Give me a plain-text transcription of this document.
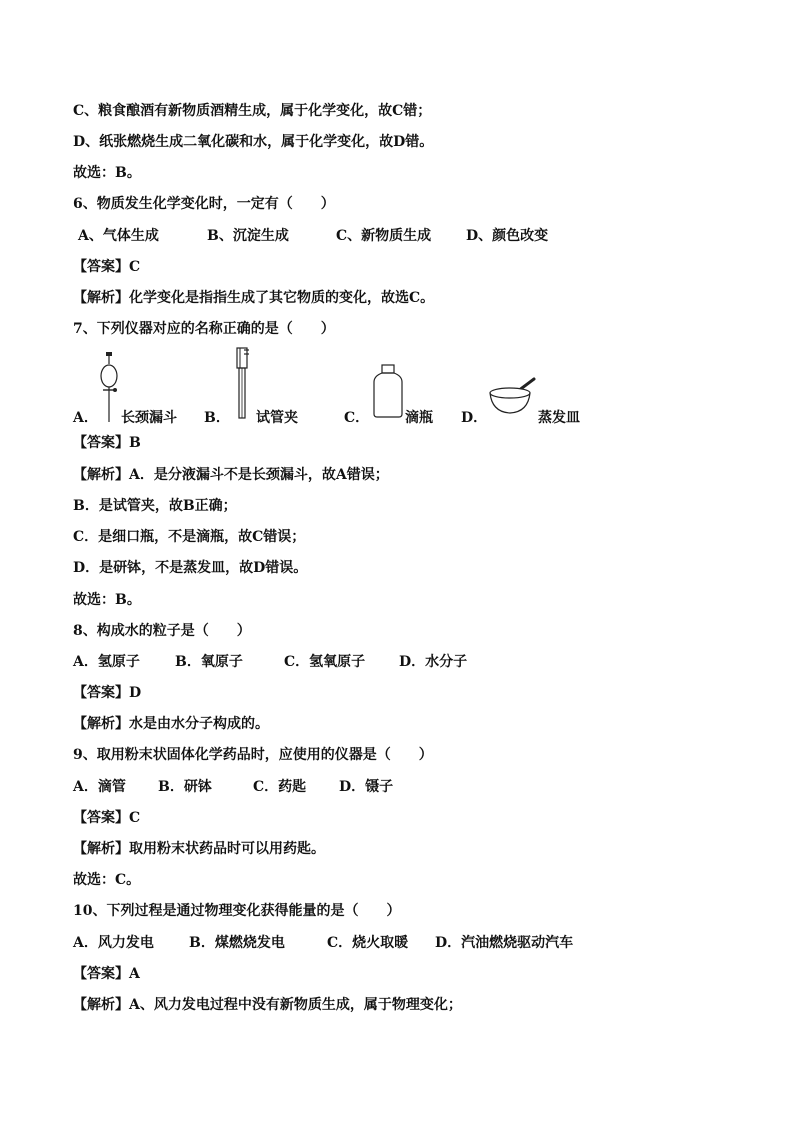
C、粮食酿酒有新物质酒精生成，属于化学变化，故C错；
D、纸张燃烧生成二氧化碳和水，属于化学变化，故D错。
故选：B。
6、物质发生化学变化时，一定有（　　）
A、气体生成	B、沉淀生成	C、新物质生成 D、颜色改变
【答案】C
【解析】化学变化是指指生成了其它物质的变化，故选C。
7、下列仪器对应的名称正确的是（　　）
A． 长颈漏斗 B． 试管夹	C．	滴瓶 D．	蒸发皿
【答案】B
【解析】A．是分液漏斗不是长颈漏斗，故A错误；
B．是试管夹，故B正确；
C．是细口瓶，不是滴瓶，故C错误；
D．是研钵，不是蒸发皿，故D错误。
故选：B。
8、构成水的粒子是（　　）
A．氢原子	B．氧原子	C．氢氧原子 D．水分子
【答案】D
【解析】水是由水分子构成的。
9、取用粉末状固体化学药品时，应使用的仪器是（　　）
A．滴管 B．研钵	C．药匙 D．镊子
【答案】C
【解析】取用粉末状药品时可以用药匙。
故选：C。
10、下列过程是通过物理变化获得能量的是（　　）
A．风力发电	B．煤燃烧发电	C．烧火取暖 D．汽油燃烧驱动汽车
【答案】A
【解析】A、风力发电过程中没有新物质生成，属于物理变化；
